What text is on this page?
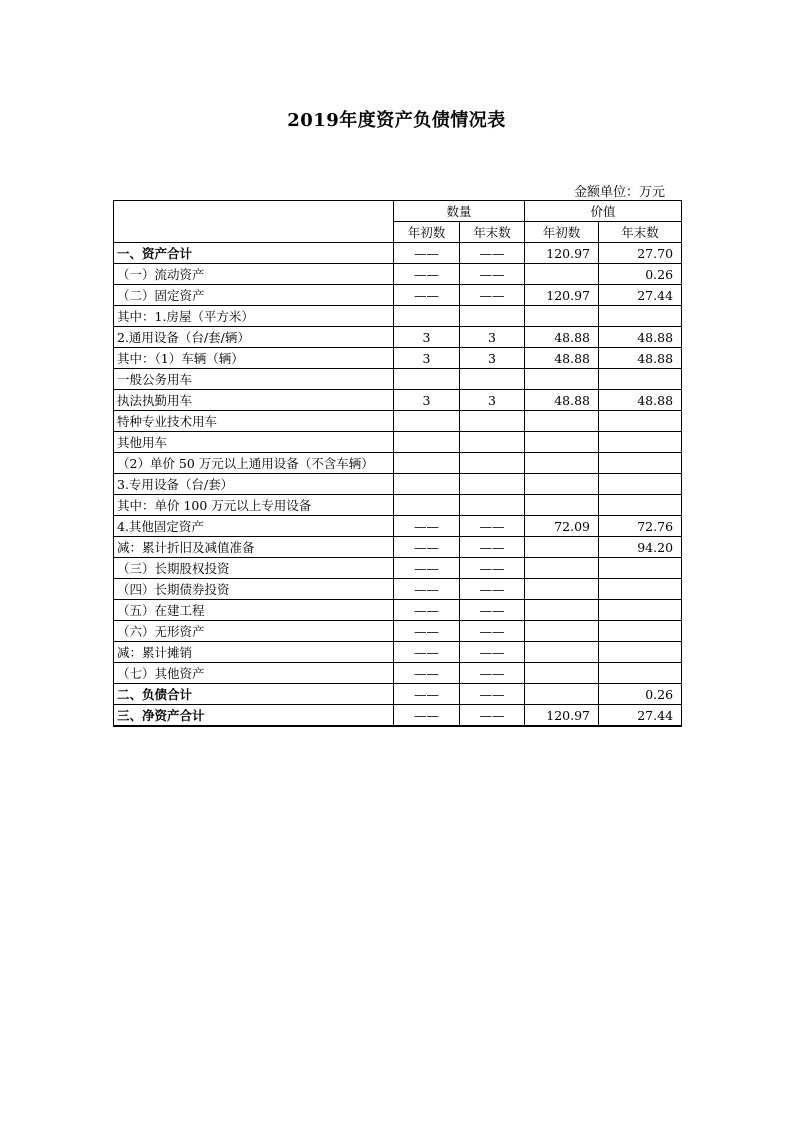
2019年度资产负债情况表
金额单位：万元
	数量		价值	
	年初数	年末数	年初数	年末数
一、资产合计	——	——	120.97	27.70
（一）流动资产	——	——		0.26
（二）固定资产	——	——	120.97	27.44
其中：1.房屋（平方米）				
2.通用设备（台/套/辆）	3	3	48.88	48.88
其中：（1）车辆（辆）	3	3	48.88	48.88
一般公务用车				
执法执勤用车	3	3	48.88	48.88
特种专业技术用车				
其他用车				
（2）单价 50 万元以上通用设备（不含车辆）				
3.专用设备（台/套）				
其中：单价 100 万元以上专用设备				
4.其他固定资产	——	——	72.09	72.76
减：累计折旧及减值准备	——	——		94.20
（三）长期股权投资	——	——		
（四）长期债券投资	——	——		
（五）在建工程	——	——		
（六）无形资产	——	——		
减：累计摊销	——	——		
（七）其他资产	——	——		
二、负债合计	——	——		0.26
三、净资产合计	——	——	120.97	27.44
